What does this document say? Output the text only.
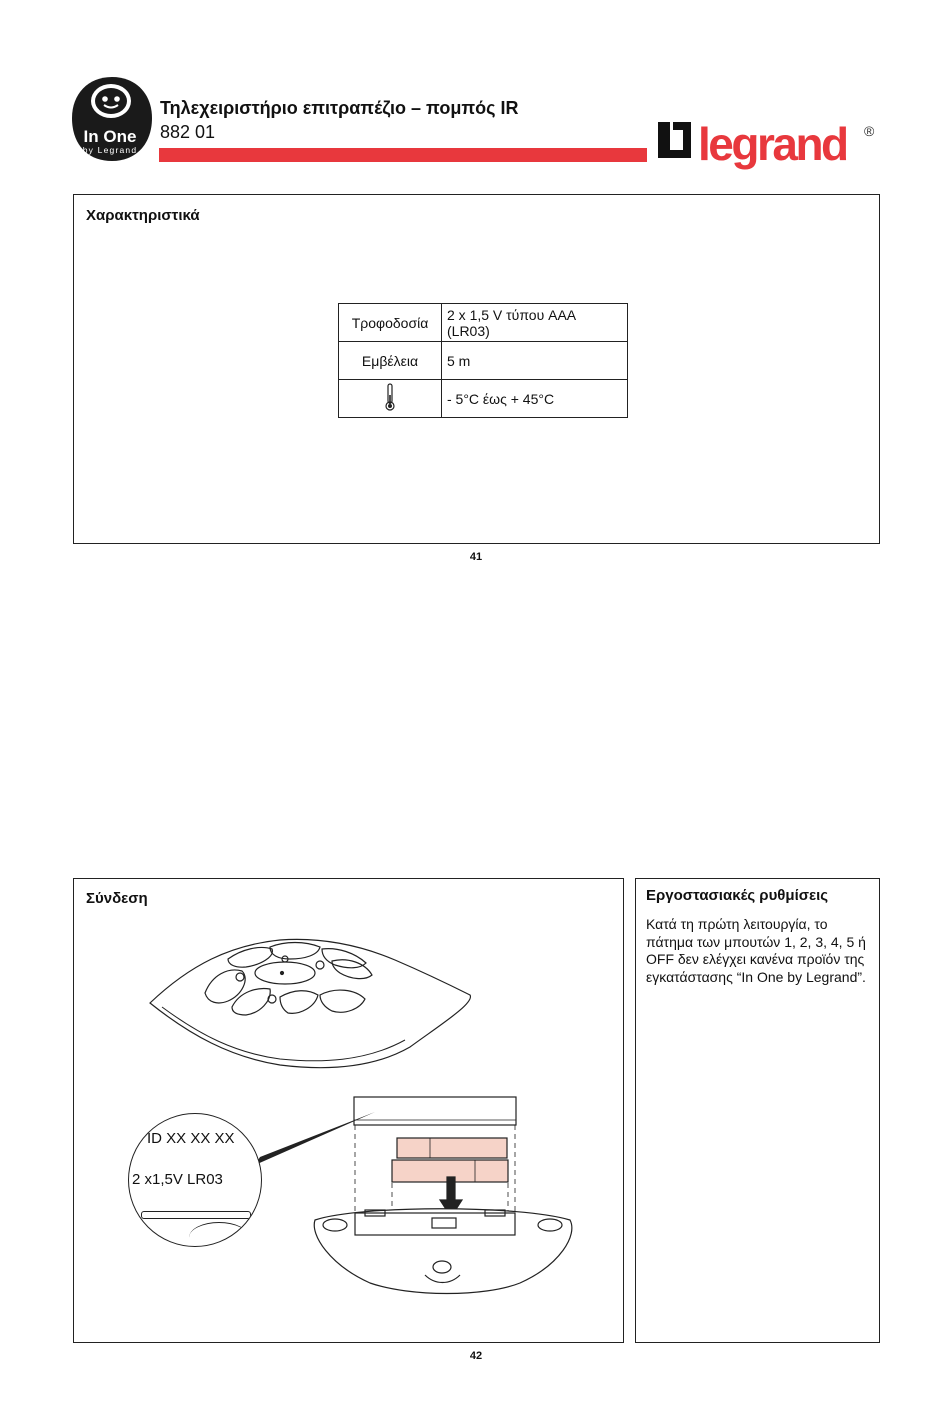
In One
by Legrand
Τηλεχειριστήριο επιτραπέζιο – πομπός IR
882 01	legrand ®
Χαρακτηριστικά
Τροφοδοσία	2 x 1,5 V τύπου AAA (LR03)
Εμβέλεια	5 m
	- 5°C έως + 45°C
41
Σύνδεση	Εργοστασιακές ρυθμίσεις
Κατά τη πρώτη λειτουργία, το πάτημα των μπουτών 1, 2, 3, 4, 5 ή OFF δεν ελέγχει κανένα προϊόν της εγκατάστασης “In One by Legrand”.
ID XX XX XX
2 x1,5V LR03
42
